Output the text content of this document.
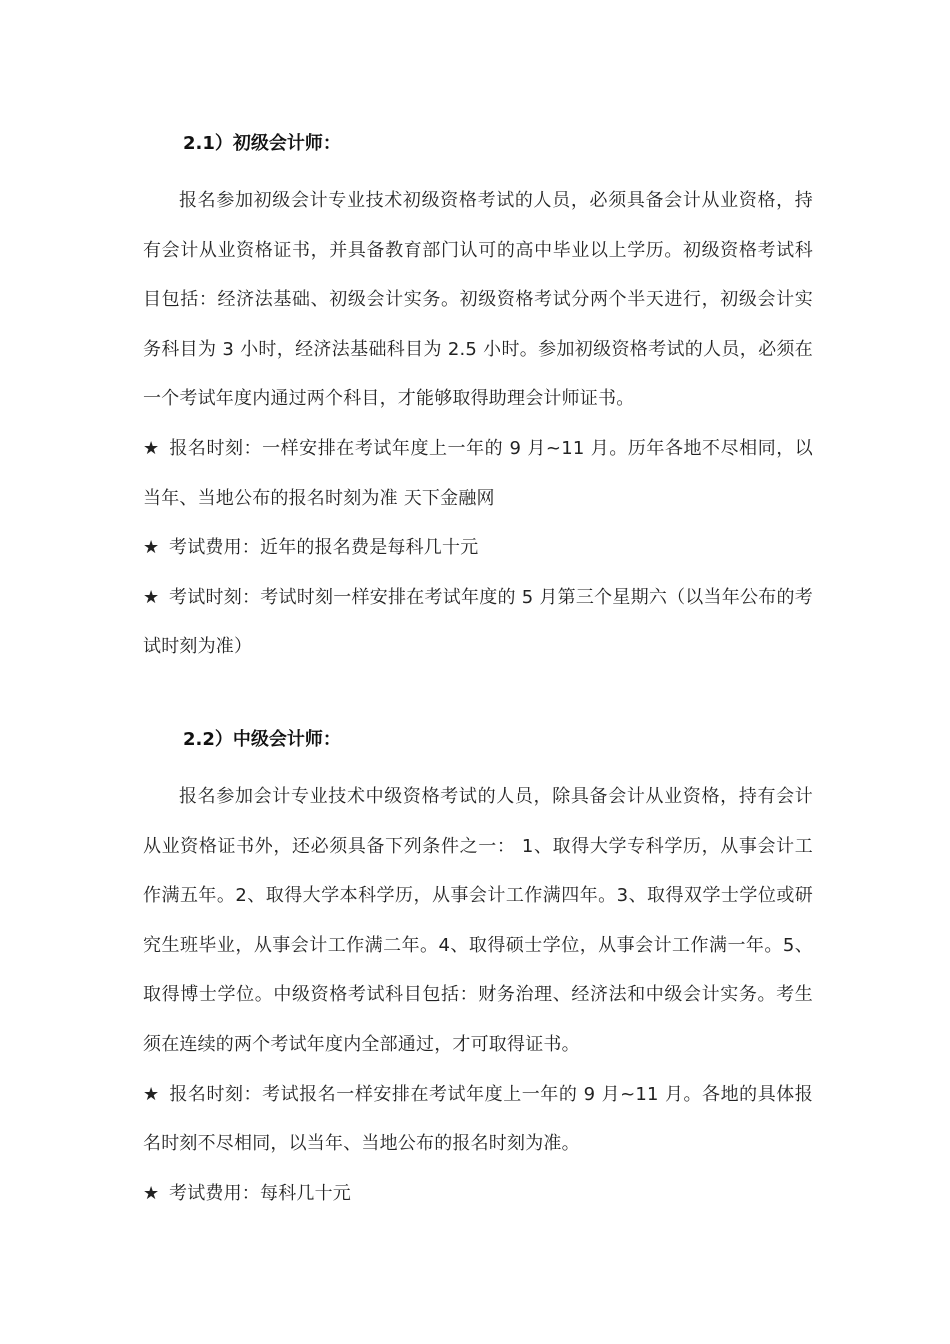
2.1）初级会计师：

报名参加初级会计专业技术初级资格考试的人员，必须具备会计从业资格，持有会计从业资格证书，并具备教育部门认可的高中毕业以上学历。初级资格考试科目包括：经济法基础、初级会计实务。初级资格考试分两个半天进行，初级会计实务科目为 3 小时，经济法基础科目为 2.5 小时。参加初级资格考试的人员，必须在一个考试年度内通过两个科目，才能够取得助理会计师证书。

★ 报名时刻：一样安排在考试年度上一年的 9 月~11 月。历年各地不尽相同，以当年、当地公布的报名时刻为准 天下金融网

★ 考试费用：近年的报名费是每科几十元

★ 考试时刻：考试时刻一样安排在考试年度的 5 月第三个星期六（以当年公布的考试时刻为准）

2.2）中级会计师：

报名参加会计专业技术中级资格考试的人员，除具备会计从业资格，持有会计从业资格证书外，还必须具备下列条件之一： 1、取得大学专科学历，从事会计工作满五年。2、取得大学本科学历，从事会计工作满四年。3、取得双学士学位或研究生班毕业，从事会计工作满二年。4、取得硕士学位，从事会计工作满一年。5、取得博士学位。中级资格考试科目包括：财务治理、经济法和中级会计实务。考生须在连续的两个考试年度内全部通过，才可取得证书。

★ 报名时刻：考试报名一样安排在考试年度上一年的 9 月~11 月。各地的具体报名时刻不尽相同，以当年、当地公布的报名时刻为准。

★ 考试费用：每科几十元
